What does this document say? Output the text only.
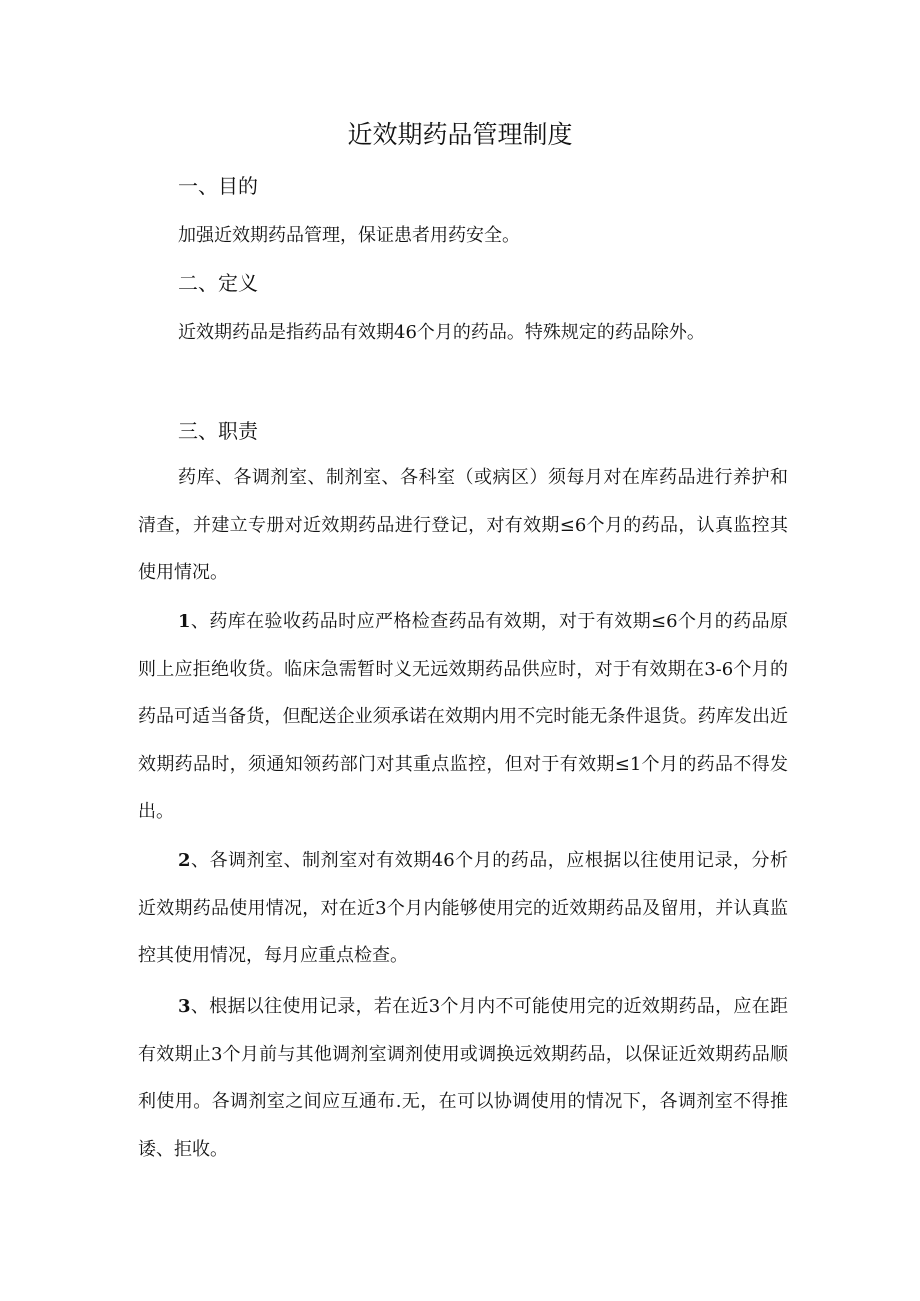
近效期药品管理制度
一、目的

加强近效期药品管理，保证患者用药安全。

二、定义

近效期药品是指药品有效期46个月的药品。特殊规定的药品除外。

三、职责

药库、各调剂室、制剂室、各科室（或病区）须每月对在库药品进行养护和清查，并建立专册对近效期药品进行登记，对有效期≤6个月的药品，认真监控其使用情况。

1、药库在验收药品时应严格检查药品有效期，对于有效期≤6个月的药品原则上应拒绝收货。临床急需暂时义无远效期药品供应时，对于有效期在3-6个月的药品可适当备货，但配送企业须承诺在效期内用不完时能无条件退货。药库发出近效期药品时，须通知领药部门对其重点监控，但对于有效期≤1个月的药品不得发出。

2、各调剂室、制剂室对有效期46个月的药品，应根据以往使用记录，分析近效期药品使用情况，对在近3个月内能够使用完的近效期药品及留用，并认真监控其使用情况，每月应重点检查。

3、根据以往使用记录，若在近3个月内不可能使用完的近效期药品，应在距有效期止3个月前与其他调剂室调剂使用或调换远效期药品，以保证近效期药品顺利使用。各调剂室之间应互通布.无，在可以协调使用的情况下，各调剂室不得推诿、拒收。
